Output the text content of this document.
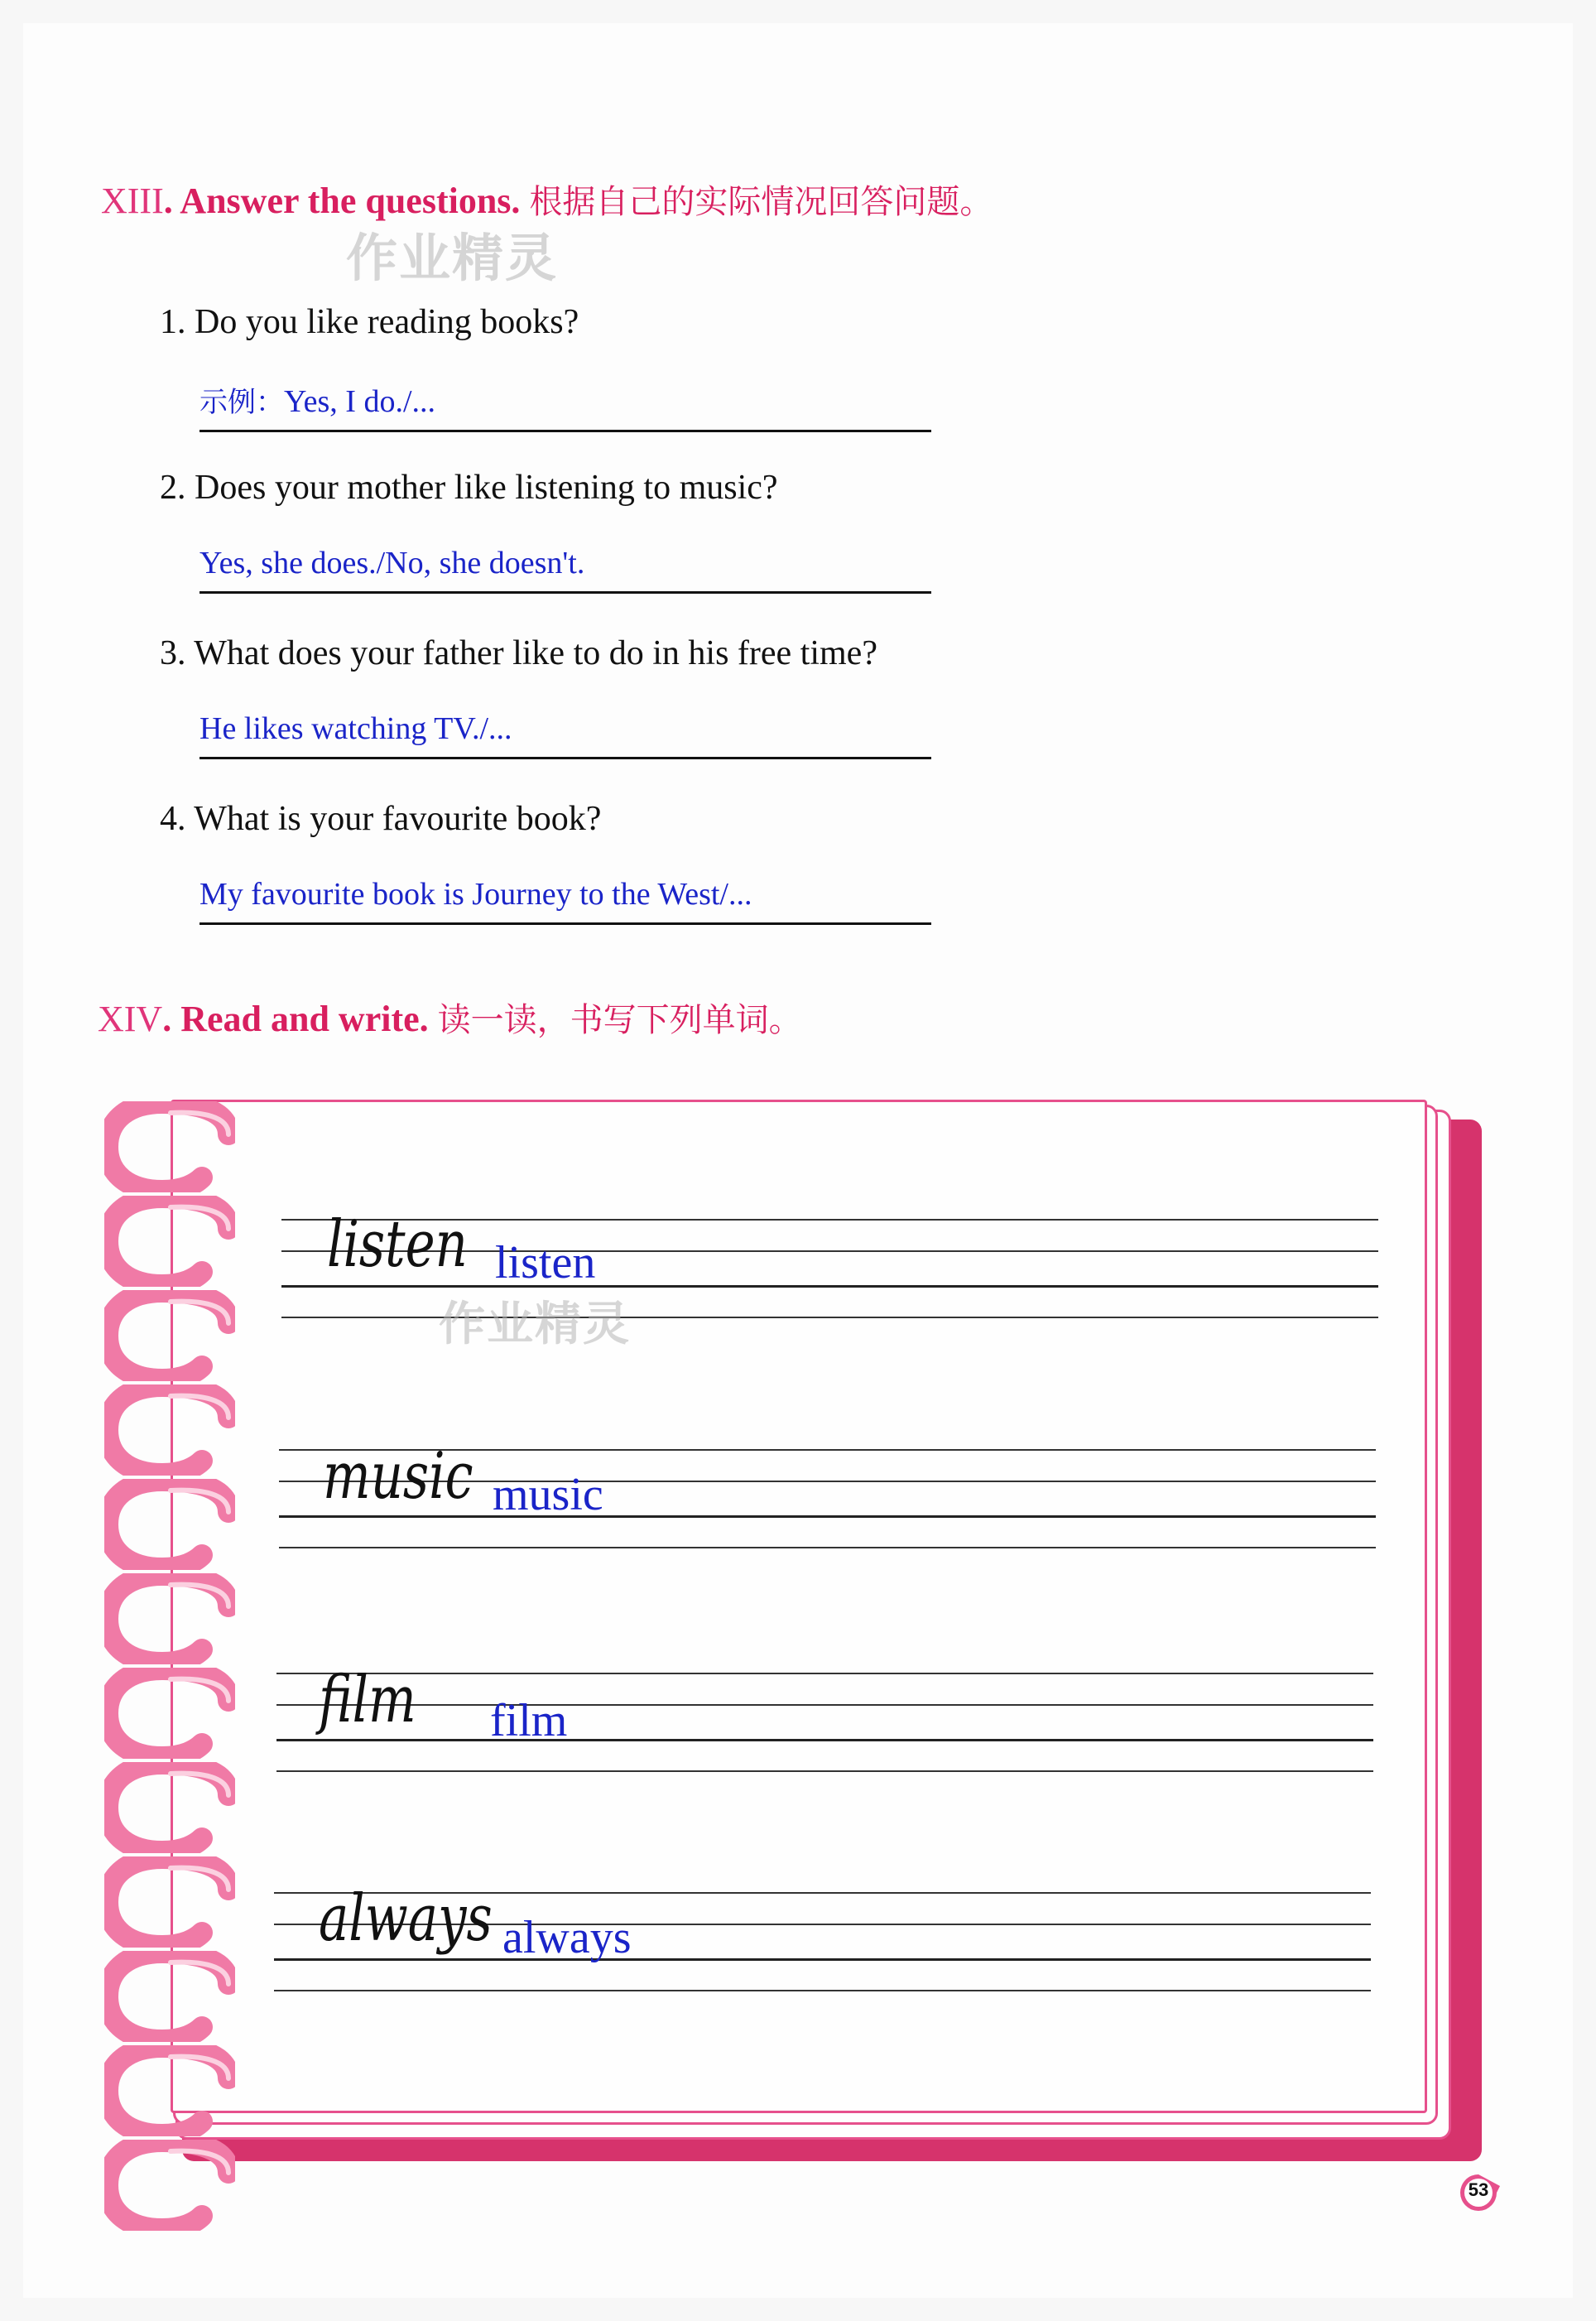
XIII. Answer the questions. 根据自己的实际情况回答问题。
作业精灵
1. Do you like reading books?
示例：Yes, I do./...
2. Does your mother like listening to music?
Yes, she does./No, she doesn't.
3. What does your father like to do in his free time?
He likes watching TV./...
4. What is your favourite book?
My favourite book is Journey to the West/...
XIV. Read and write. 读一读，书写下列单词。
listen listen
作业精灵
music music
film film
always always
53
